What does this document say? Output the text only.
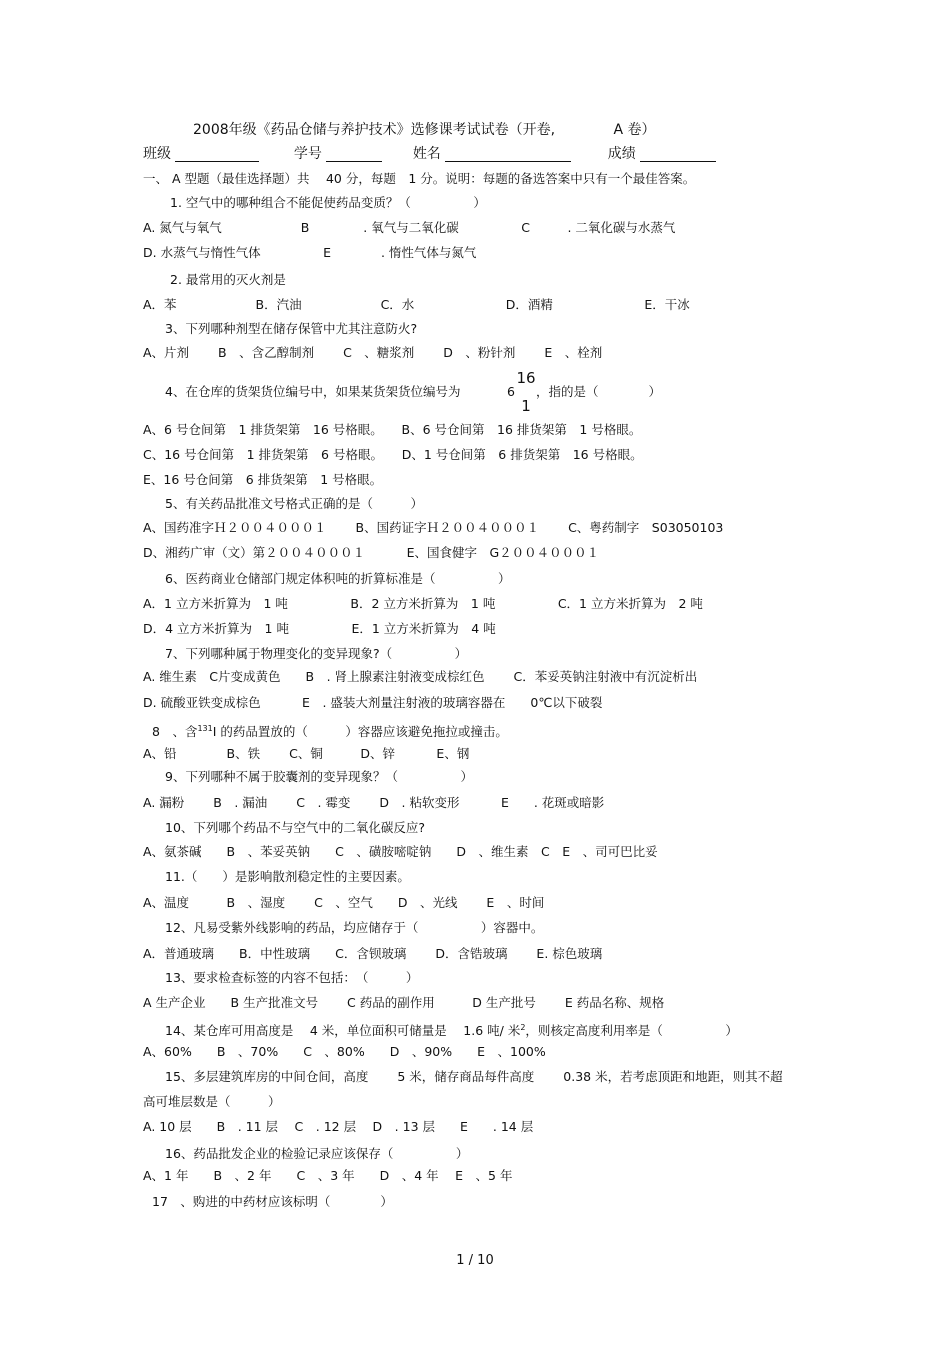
2008年级《药品仓储与养护技术》选修课考试试卷（开卷,	A 卷）
班级	学号	姓名	成绩
一、 A 型题（最佳选择题）共　 40 分，每题　1 分。说明：每题的备选答案中只有一个最佳答案。
1. 空气中的哪种组合不能促使药品变质？（　　　　　）
A. 氮气与氧气　　　　　　 B　　　　 . 氧气与二氧化碳　　　　　C　　　. 二氧化碳与水蒸气
D. 水蒸气与惰性气体　　　　　E　　　　. 惰性气体与氮气
2. 最常用的灭火剂是
A．苯　　　　　　 B．汽油　　　　　　 C．水　　　　　　　 D．酒精　　　　　　　 E．干冰
3、下列哪种剂型在储存保管中尤其注意防火?
A、片剂　　 B　、含乙醇制剂　　 C　、糖浆剂　　 D　、粉针剂　　 E　、栓剂
4、在仓库的货架货位编号中，如果某货架货位编号为	6
16
1
，指的是（　　　　）
A、6 号仓间第　1 排货架第　16 号格眼。　　B、6 号仓间第　16 排货架第　1 号格眼。
C、16 号仓间第　1 排货架第　6 号格眼。　　D、1 号仓间第　6 排货架第　16 号格眼。
E、16 号仓间第　6 排货架第　1 号格眼。
5、有关药品批准文号格式正确的是（　　　）
A、国药准字Ｈ２００４０００１　　 B、国药证字Ｈ２００４０００１　　 C、粤药制字　S03050103
D、湘药广审（文）第２００４０００１　　　 E、国食健字　G２００４０００１
6、医药商业仓储部门规定体积吨的折算标准是（　　　　　）
A．1 立方米折算为　1 吨　　　　　B．2 立方米折算为　1 吨　　　　　C．1 立方米折算为　2 吨
D．4 立方米折算为　1 吨　　　　　E．1 立方米折算为　4 吨
7、下列哪种属于物理变化的变异现象?（　　　　　）
A. 维生素　C片变成黄色　　B　. 肾上腺素注射液变成棕红色　　 C．苯妥英钠注射液中有沉淀析出
D. 硫酸亚铁变成棕色　　　 E　. 盛装大剂量注射液的玻璃容器在　　0℃以下破裂
8　、含$^{131}$I 的药品置放的（　　　）容器应该避免拖拉或撞击。
A、铅　　　　B、铁　　 C、铜　　　D、锌　　　 E、钢
9、下列哪种不属于胶囊剂的变异现象？（　　　　　）
A. 漏粉　　 B　. 漏油　　 C　. 霉变　　 D　. 粘软变形　　　 E　　. 花斑或暗影
10、下列哪个药品不与空气中的二氧化碳反应?
A、氨茶碱　　B　、苯妥英钠　　C　、磺胺嘧啶钠　　D　、维生素　C　E　、司可巴比妥
11.（　　）是影响散剂稳定性的主要因素。
A、温度　　　B　、湿度　　 C　、空气　　D　、光线　　 E　、时间
12、凡易受紫外线影响的药品，均应储存于（　　　　　）容器中。
A．普通玻璃　　B．中性玻璃　　C．含钡玻璃　　 D．含锆玻璃　　 E. 棕色玻璃
13、要求检查标签的内容不包括：　（　　　）
A 生产企业　　B 生产批准文号　　 C 药品的副作用　　　D 生产批号　　 E 药品名称、规格
14、某仓库可用高度是　 4 米，单位面积可储量是　 1.6 吨/ 米$^2$，则核定高度利用率是（　　　　　）
A、60%　　B　、70%　　C　、80%　　D　、90%　　E　、100%
15、多层建筑库房的中间仓间，高度　　 5 米，储存商品每件高度　　 0.38 米，若考虑顶距和地距，则其不超
高可堆层数是（　　　）
A. 10 层　　B　. 11 层　 C　. 12 层　 D　. 13 层　　E　　. 14 层
16、药品批发企业的检验记录应该保存（　　　　　）
A、1 年　　B　、2 年　　C　、3 年　　D　、4 年　 E　、5 年
17　、购进的中药材应该标明（　　　　）
1 / 10
